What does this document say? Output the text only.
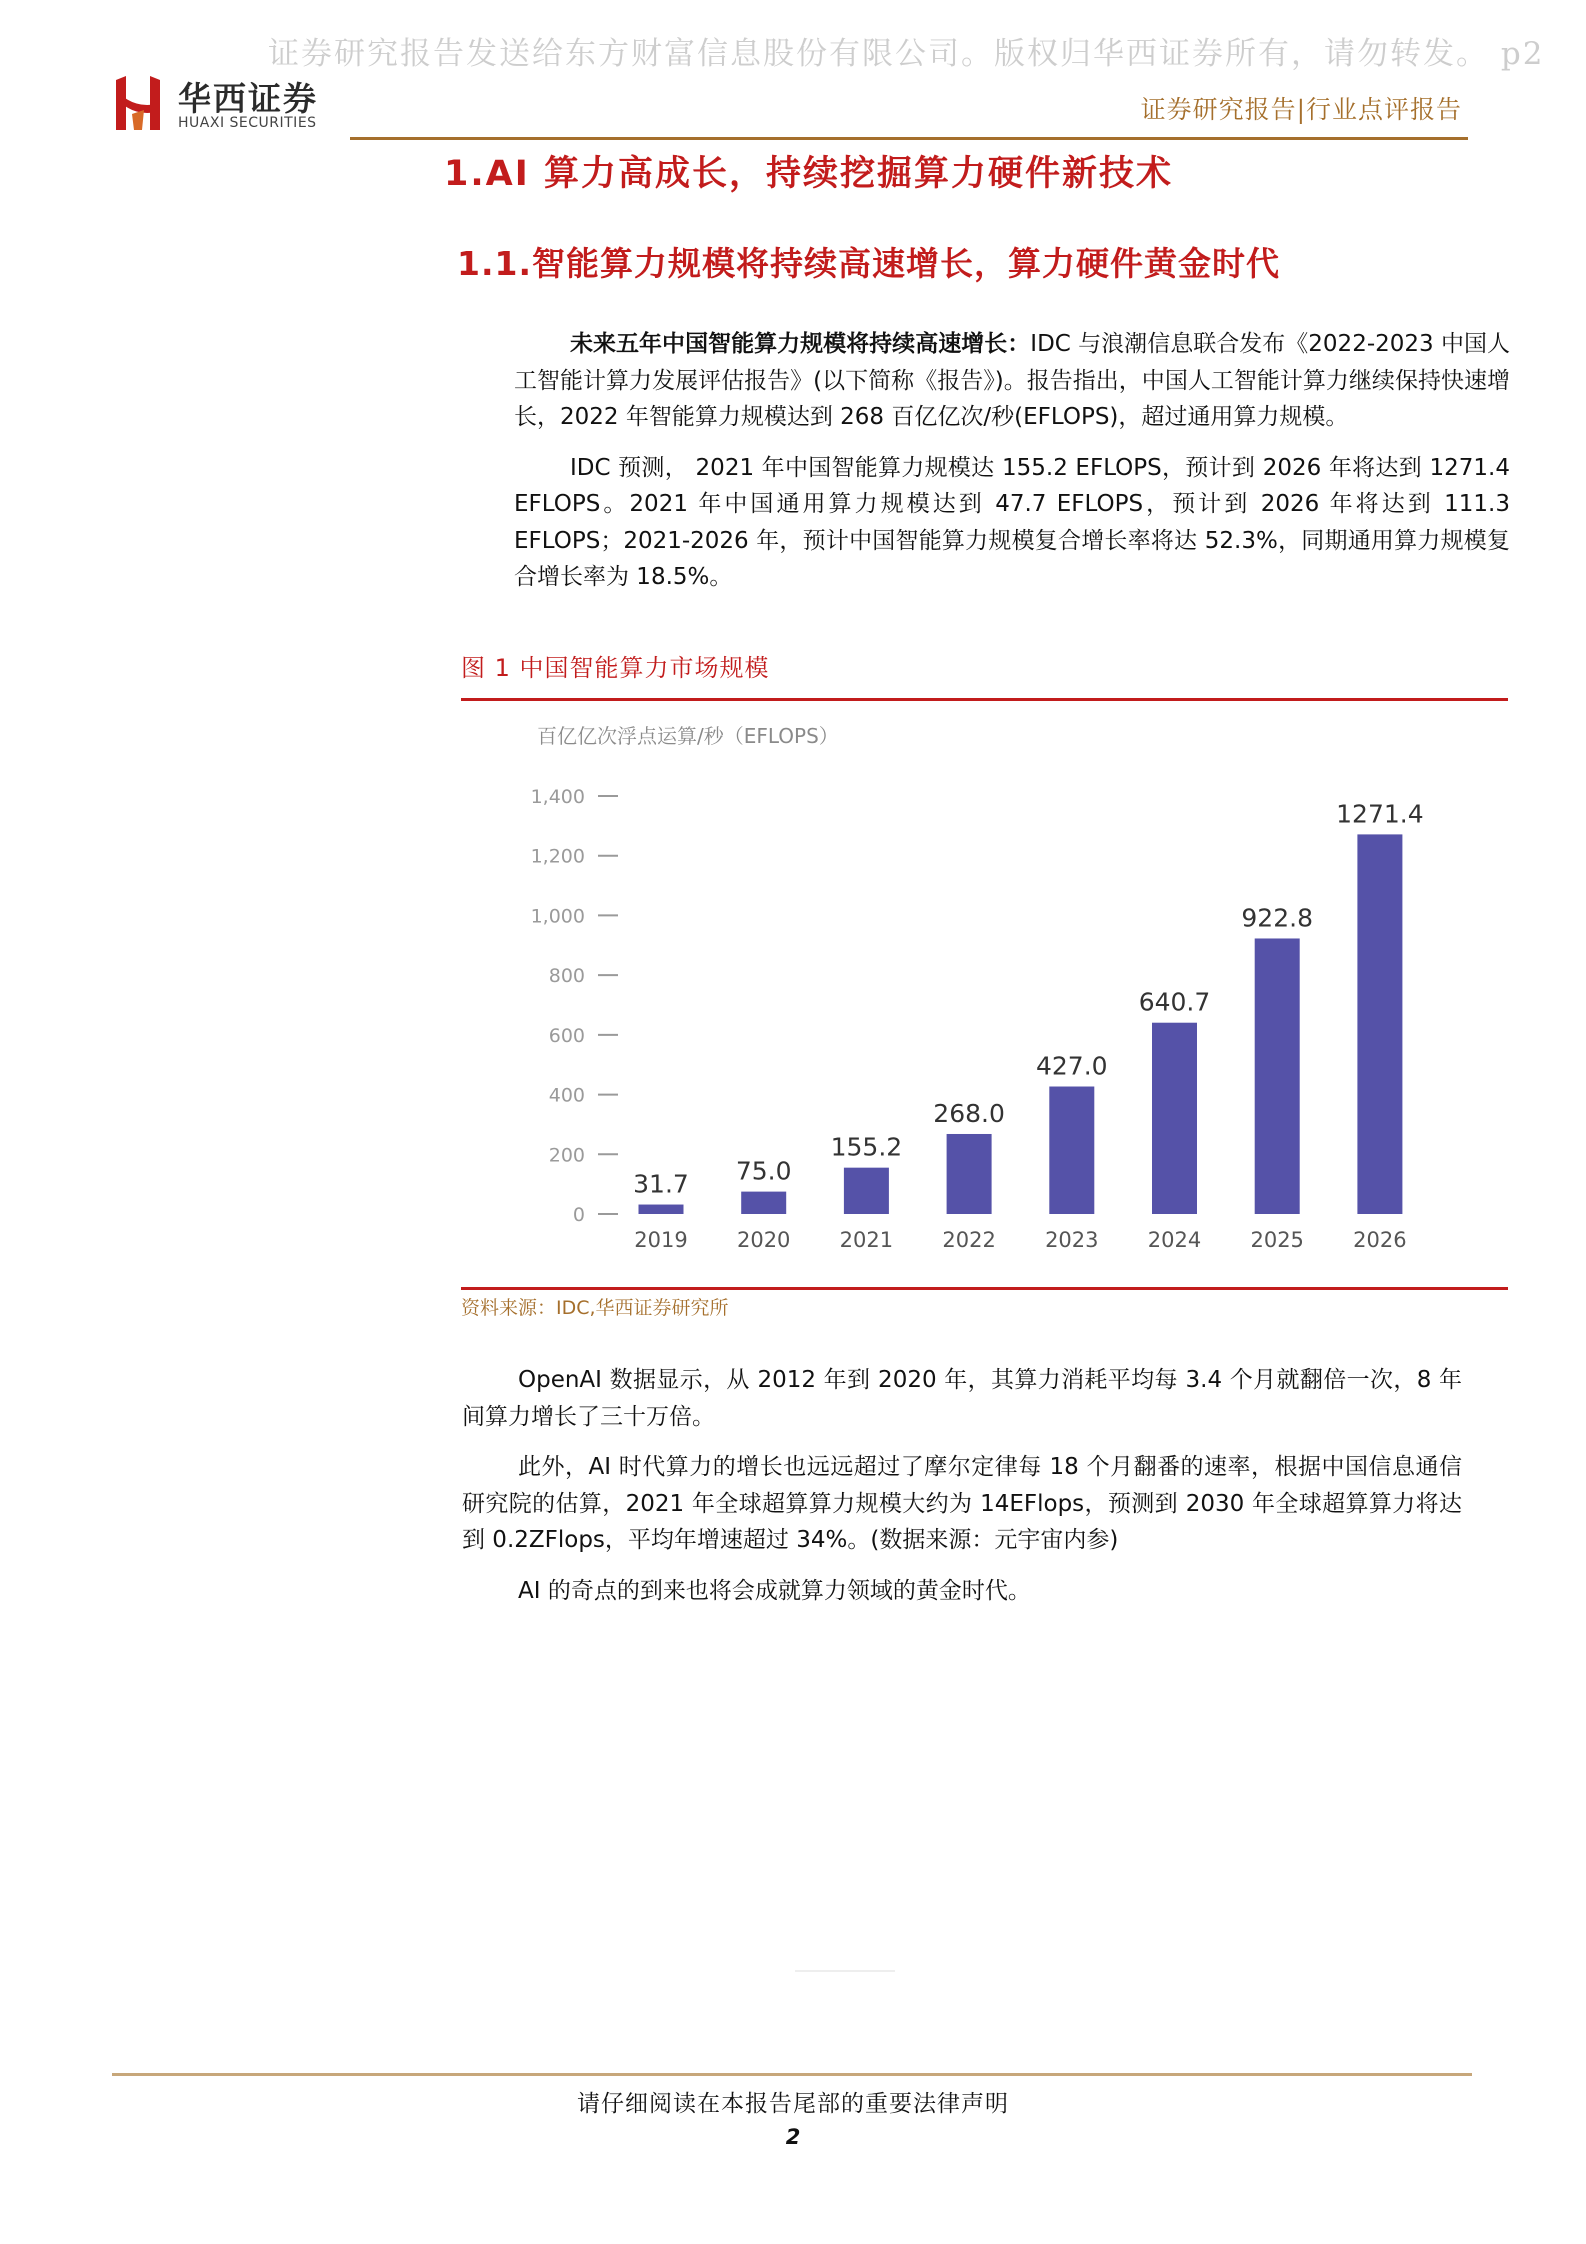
证券研究报告发送给东方财富信息股份有限公司。版权归华西证券所有，请勿转发。 p2
华西证券
HUAXI SECURITIES	证券研究报告|行业点评报告
1.AI 算力高成长，持续挖掘算力硬件新技术
1.1.智能算力规模将持续高速增长，算力硬件黄金时代

未来五年中国智能算力规模将持续高速增长：IDC 与浪潮信息联合发布《2022-2023 中国人工智能计算力发展评估报告》(以下简称《报告》)。报告指出，中国人工智能计算力继续保持快速增长，2022 年智能算力规模达到 268 百亿亿次/秒(EFLOPS)，超过通用算力规模。

IDC 预测， 2021 年中国智能算力规模达 155.2 EFLOPS，预计到 2026 年将达到 1271.4 EFLOPS。2021 年中国通用算力规模达到 47.7 EFLOPS，预计到 2026 年将达到 111.3 EFLOPS；2021-2026 年，预计中国智能算力规模复合增长率将达 52.3%，同期通用算力规模复合增长率为 18.5%。

图 1 中国智能算力市场规模
百亿亿次浮点运算/秒（EFLOPS）
0
200
400
600
800
1,000
1,200
1,400
2019 2020 2021 2022 2023 2024 2025 2026
31.7 75.0
155.2
268.0
427.0
640.7
922.8
1271.4
资料来源：IDC,华西证券研究所

OpenAI 数据显示，从 2012 年到 2020 年，其算力消耗平均每 3.4 个月就翻倍一次，8 年间算力增长了三十万倍。

此外，AI 时代算力的增长也远远超过了摩尔定律每 18 个月翻番的速率，根据中国信息通信研究院的估算，2021 年全球超算算力规模大约为 14EFlops，预测到 2030 年全球超算算力将达到 0.2ZFlops，平均年增速超过 34%。(数据来源：元宇宙内参)

AI 的奇点的到来也将会成就算力领域的黄金时代。

请仔细阅读在本报告尾部的重要法律声明
2
